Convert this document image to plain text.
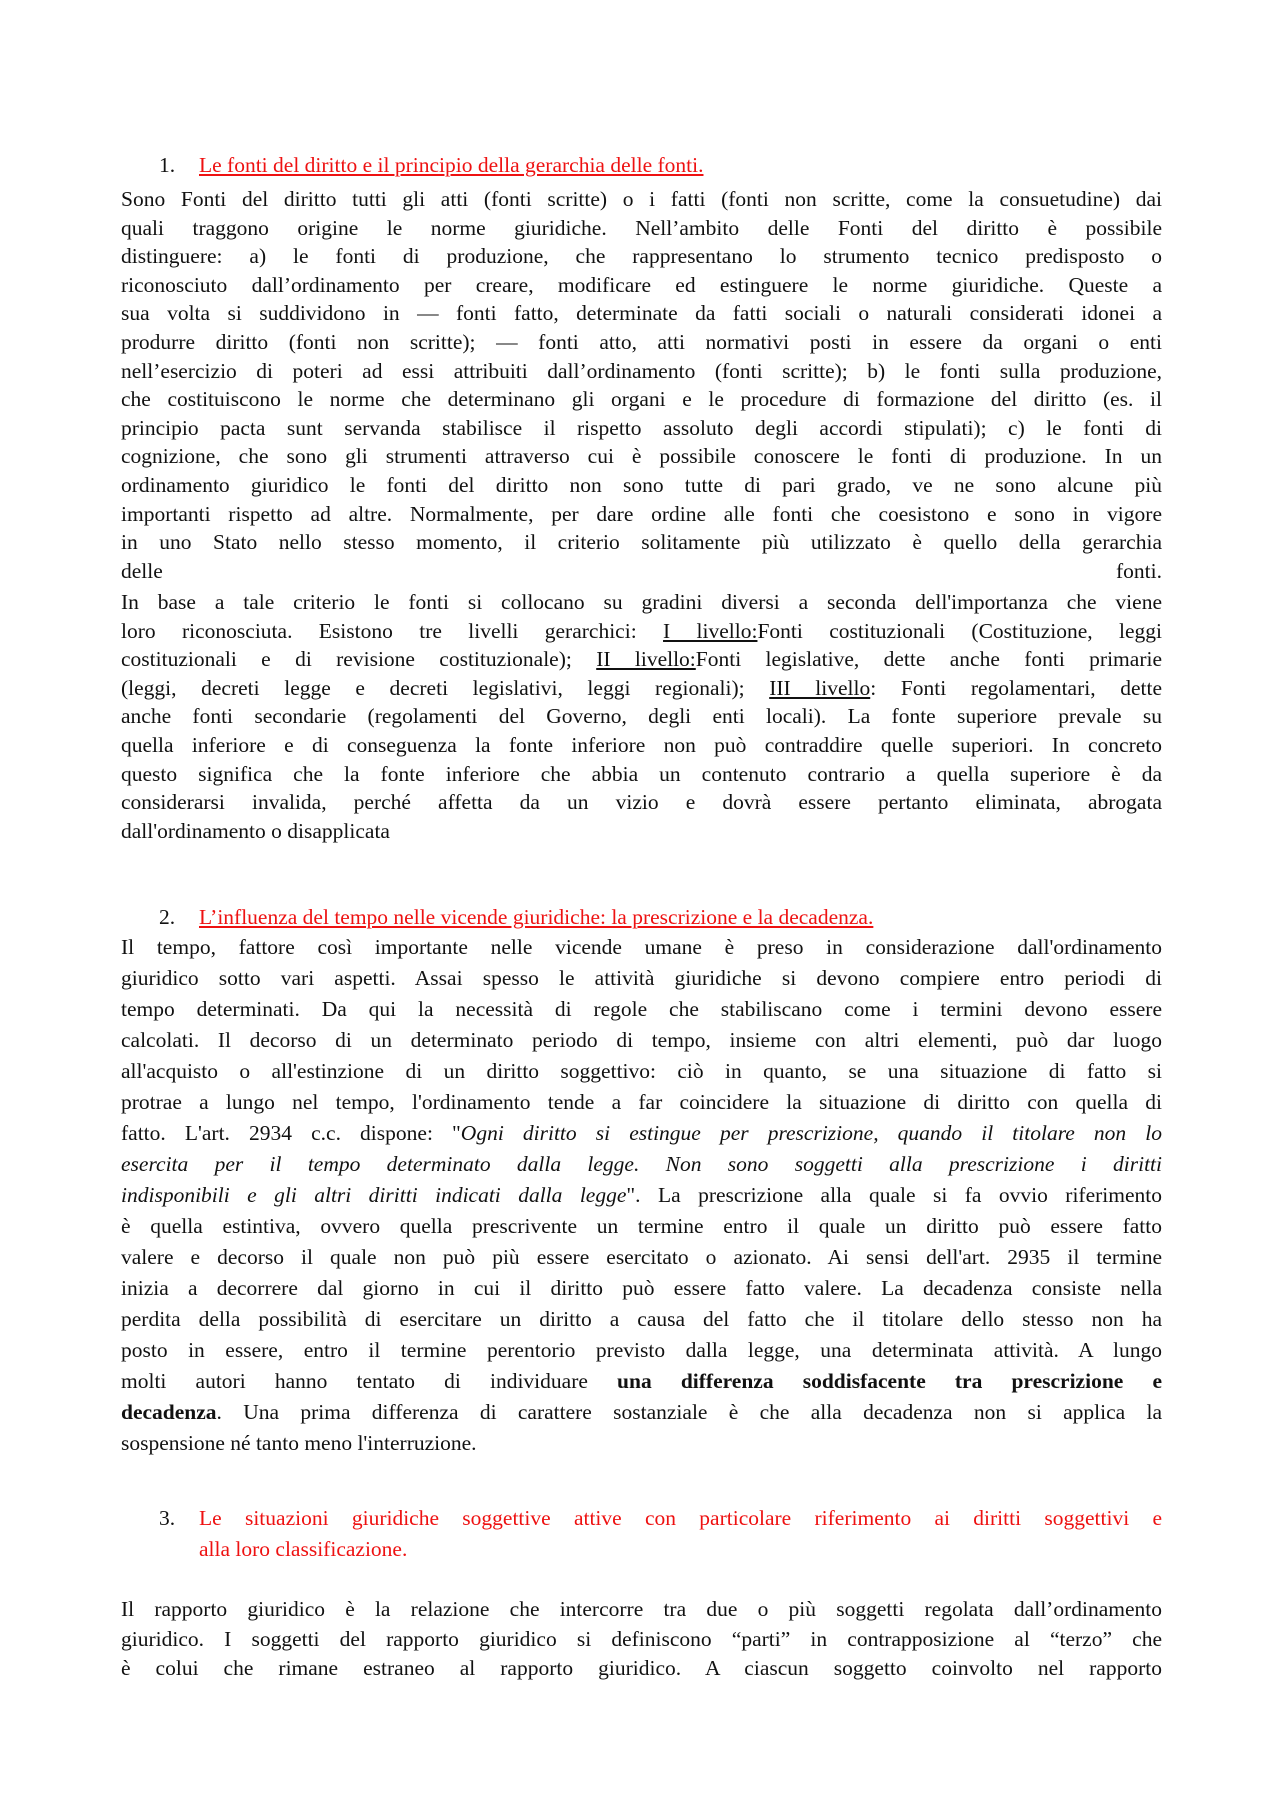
1.	Le fonti del diritto e il principio della gerarchia delle fonti.
Sono Fonti del diritto tutti gli atti (fonti scritte) o i fatti (fonti non scritte, come la consuetudine) dai
quali traggono origine le norme giuridiche. Nell’ambito delle Fonti del diritto è possibile
distinguere: a) le fonti di produzione, che rappresentano lo strumento tecnico predisposto o
riconosciuto dall’ordinamento per creare, modificare ed estinguere le norme giuridiche. Queste a
sua volta si suddividono in — fonti fatto, determinate da fatti sociali o naturali considerati idonei a
produrre diritto (fonti non scritte); — fonti atto, atti normativi posti in essere da organi o enti
nell’esercizio di poteri ad essi attribuiti dall’ordinamento (fonti scritte); b) le fonti sulla produzione,
che costituiscono le norme che determinano gli organi e le procedure di formazione del diritto (es. il
principio pacta sunt servanda stabilisce il rispetto assoluto degli accordi stipulati); c) le fonti di
cognizione, che sono gli strumenti attraverso cui è possibile conoscere le fonti di produzione. In un
ordinamento giuridico le fonti del diritto non sono tutte di pari grado, ve ne sono alcune più
importanti rispetto ad altre. Normalmente, per dare ordine alle fonti che coesistono e sono in vigore
in uno Stato nello stesso momento, il criterio solitamente più utilizzato è quello della gerarchia
delle fonti.
In base a tale criterio le fonti si collocano su gradini diversi a seconda dell'importanza che viene
loro riconosciuta. Esistono tre livelli gerarchici: I livello:Fonti costituzionali (Costituzione, leggi
costituzionali e di revisione costituzionale); II livello:Fonti legislative, dette anche fonti primarie
(leggi, decreti legge e decreti legislativi, leggi regionali); III livello: Fonti regolamentari, dette
anche fonti secondarie (regolamenti del Governo, degli enti locali). La fonte superiore prevale su
quella inferiore e di conseguenza la fonte inferiore non può contraddire quelle superiori. In concreto
questo significa che la fonte inferiore che abbia un contenuto contrario a quella superiore è da
considerarsi invalida, perché affetta da un vizio e dovrà essere pertanto eliminata, abrogata
dall'ordinamento o disapplicata
2.	L’influenza del tempo nelle vicende giuridiche: la prescrizione e la decadenza.
Il tempo, fattore così importante nelle vicende umane è preso in considerazione dall'ordinamento
giuridico sotto vari aspetti. Assai spesso le attività giuridiche si devono compiere entro periodi di
tempo determinati. Da qui la necessità di regole che stabiliscano come i termini devono essere
calcolati. Il decorso di un determinato periodo di tempo, insieme con altri elementi, può dar luogo
all'acquisto o all'estinzione di un diritto soggettivo: ciò in quanto, se una situazione di fatto si
protrae a lungo nel tempo, l'ordinamento tende a far coincidere la situazione di diritto con quella di
fatto. L'art. 2934 c.c. dispone: "Ogni diritto si estingue per prescrizione, quando il titolare non lo
esercita per il tempo determinato dalla legge. Non sono soggetti alla prescrizione i diritti
indisponibili e gli altri diritti indicati dalla legge". La prescrizione alla quale si fa ovvio riferimento
è quella estintiva, ovvero quella prescrivente un termine entro il quale un diritto può essere fatto
valere e decorso il quale non può più essere esercitato o azionato. Ai sensi dell'art. 2935 il termine
inizia a decorrere dal giorno in cui il diritto può essere fatto valere. La decadenza consiste nella
perdita della possibilità di esercitare un diritto a causa del fatto che il titolare dello stesso non ha
posto in essere, entro il termine perentorio previsto dalla legge, una determinata attività. A lungo
molti autori hanno tentato di individuare una differenza soddisfacente tra prescrizione e
decadenza. Una prima differenza di carattere sostanziale è che alla decadenza non si applica la
sospensione né tanto meno l'interruzione.
3.	Le situazioni giuridiche soggettive attive con particolare riferimento ai diritti soggettivi e
alla loro classificazione.
Il rapporto giuridico è la relazione che intercorre tra due o più soggetti regolata dall’ordinamento
giuridico. I soggetti del rapporto giuridico si definiscono “parti” in contrapposizione al “terzo” che
è colui che rimane estraneo al rapporto giuridico. A ciascun soggetto coinvolto nel rapporto
